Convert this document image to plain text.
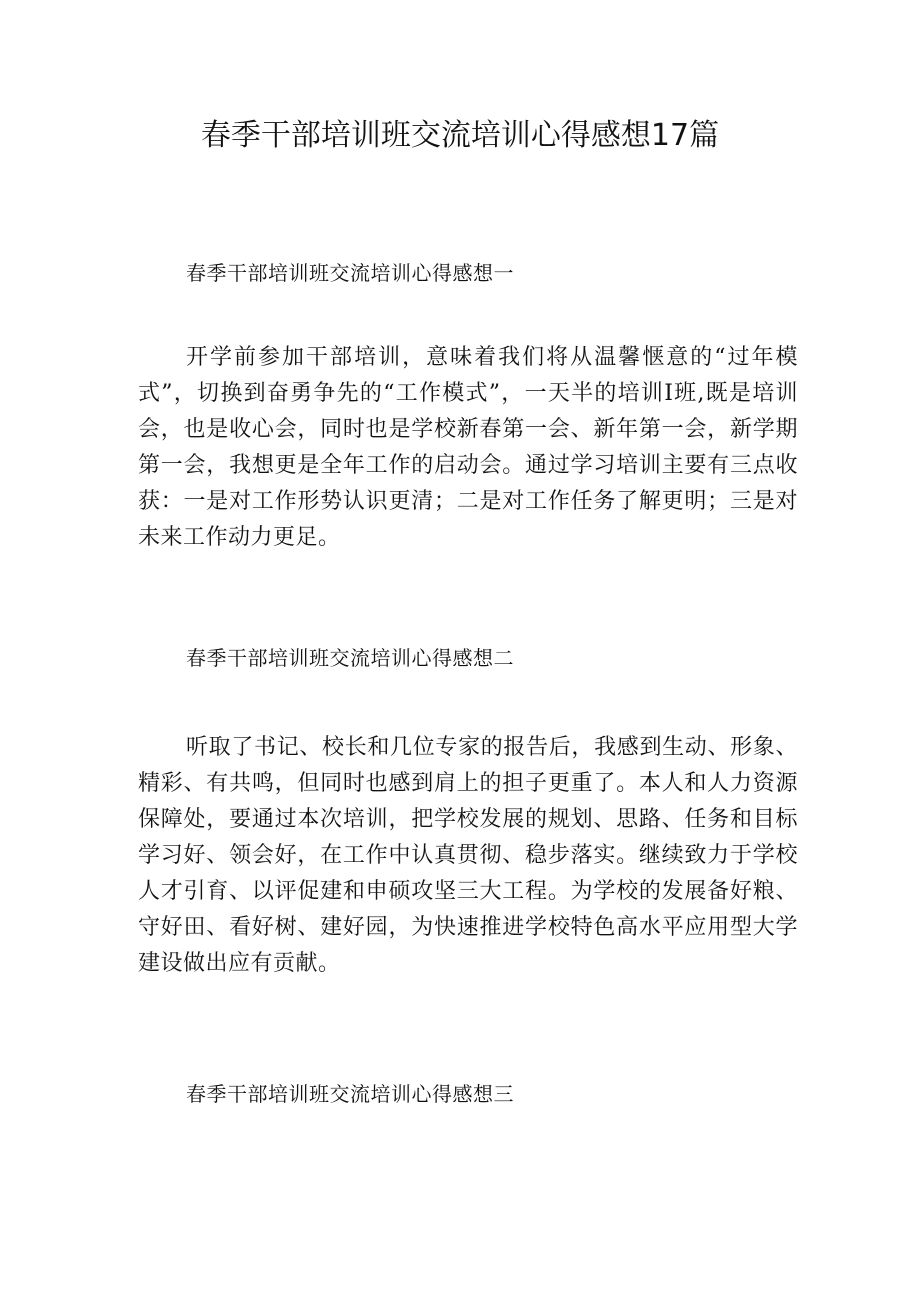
春季干部培训班交流培训心得感想17篇
春季干部培训班交流培训心得感想一

开学前参加干部培训，意味着我们将从温馨惬意的“过年模式”，切换到奋勇争先的“工作模式”，一天半的培训I班,既是培训会，也是收心会，同时也是学校新春第一会、新年第一会，新学期第一会，我想更是全年工作的启动会。通过学习培训主要有三点收获：一是对工作形势认识更清；二是对工作任务了解更明；三是对未来工作动力更足。

春季干部培训班交流培训心得感想二

听取了书记、校长和几位专家的报告后，我感到生动、形象、精彩、有共鸣，但同时也感到肩上的担子更重了。本人和人力资源保障处，要通过本次培训，把学校发展的规划、思路、任务和目标学习好、领会好，在工作中认真贯彻、稳步落实。继续致力于学校人才引育、以评促建和申硕攻坚三大工程。为学校的发展备好粮、守好田、看好树、建好园，为快速推进学校特色高水平应用型大学建设做出应有贡献。

春季干部培训班交流培训心得感想三
